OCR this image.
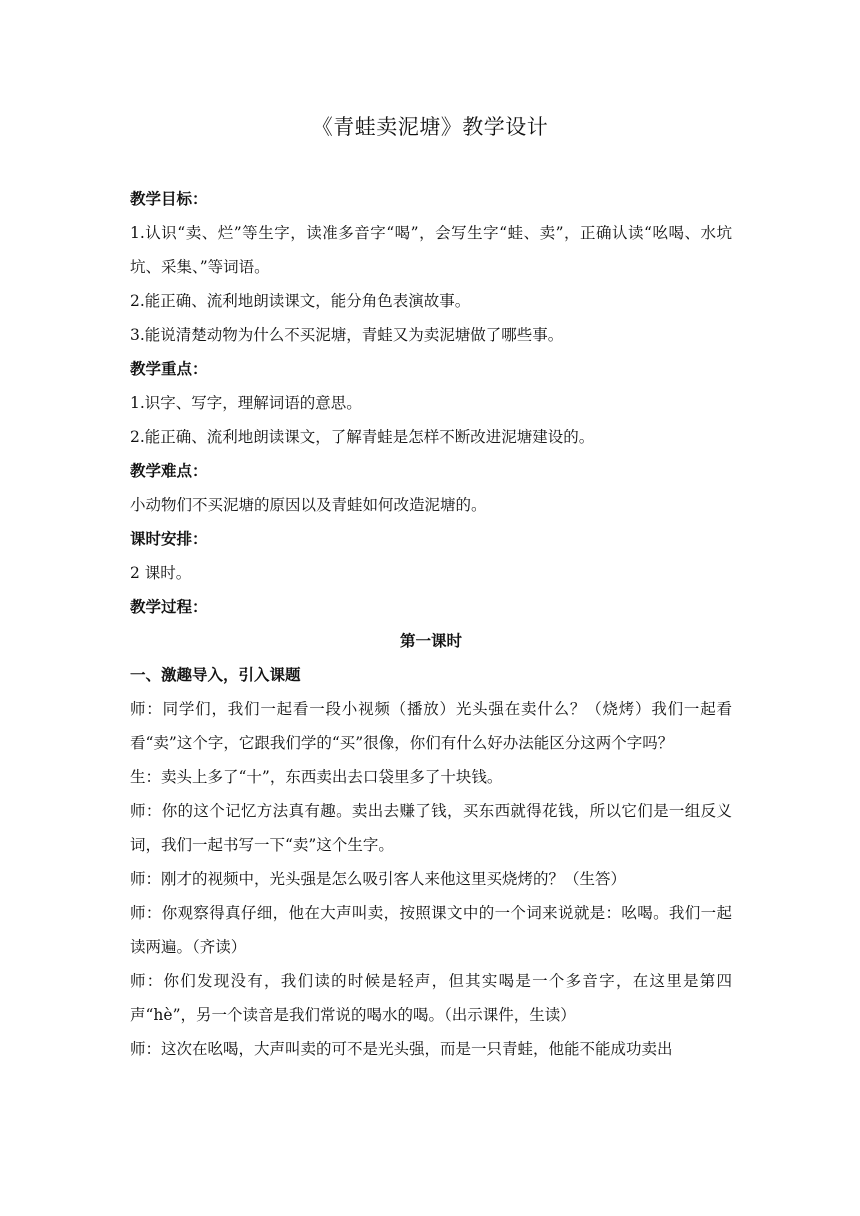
《青蛙卖泥塘》教学设计
教学目标：
1.认识“卖、烂”等生字，读准多音字“喝”，会写生字“蛙、卖”，正确认读“吆喝、水坑坑、采集、”等词语。
2.能正确、流利地朗读课文，能分角色表演故事。
3.能说清楚动物为什么不买泥塘，青蛙又为卖泥塘做了哪些事。
教学重点：
1.识字、写字，理解词语的意思。
2.能正确、流利地朗读课文，了解青蛙是怎样不断改进泥塘建设的。
教学难点：
小动物们不买泥塘的原因以及青蛙如何改造泥塘的。
课时安排：
2 课时。
教学过程：
第一课时
一、激趣导入，引入课题
师：同学们，我们一起看一段小视频（播放）光头强在卖什么？（烧烤）我们一起看看“卖”这个字，它跟我们学的“买”很像，你们有什么好办法能区分这两个字吗？
生：卖头上多了“十”，东西卖出去口袋里多了十块钱。
师：你的这个记忆方法真有趣。卖出去赚了钱，买东西就得花钱，所以它们是一组反义词，我们一起书写一下“卖”这个生字。
师：刚才的视频中，光头强是怎么吸引客人来他这里买烧烤的？（生答）
师：你观察得真仔细，他在大声叫卖，按照课文中的一个词来说就是：吆喝。我们一起读两遍。（齐读）
师：你们发现没有，我们读的时候是轻声，但其实喝是一个多音字，在这里是第四声“hè”，另一个读音是我们常说的喝水的喝。（出示课件，生读）
师：这次在吆喝，大声叫卖的可不是光头强，而是一只青蛙，他能不能成功卖出
